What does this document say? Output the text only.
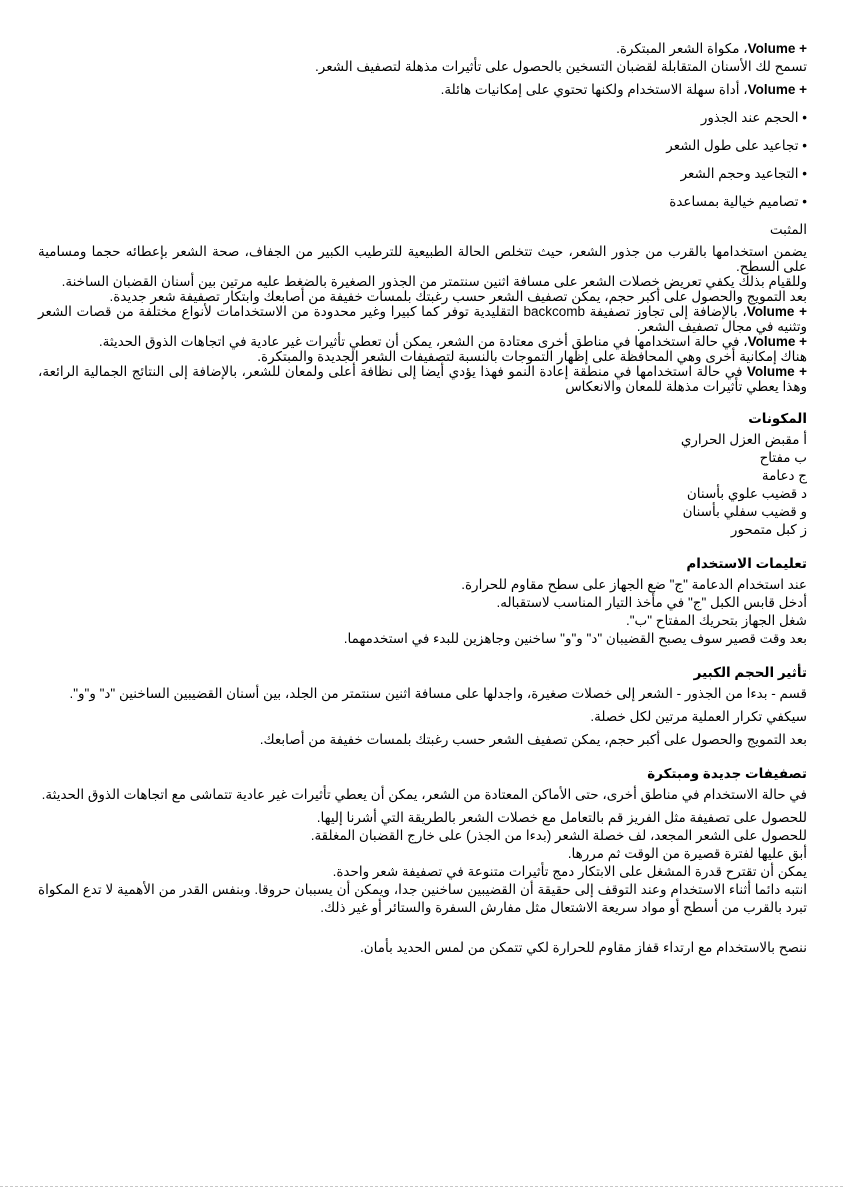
Volume +، مكواة الشعر المبتكرة.
تسمح لك الأسنان المتقابلة لقضبان التسخين بالحصول على تأثيرات مذهلة لتصفيف الشعر.
Volume +، أداة سهلة الاستخدام ولكنها تحتوي على إمكانيات هائلة.
• الحجم عند الجذور
• تجاعيد على طول الشعر
• التجاعيد وحجم الشعر
• تصاميم خيالية بمساعدة
المثبت
يضمن استخدامها بالقرب من جذور الشعر، حيث تتخلص الحالة الطبيعية للترطيب الكبير من الجفاف، صحة الشعر بإعطائه حجما ومسامية على السطح.
وللقيام بذلك يكفي تعريض خصلات الشعر على مسافة اثنين سنتمتر من الجذور الصغيرة بالضغط عليه مرتين بين أسنان القضبان الساخنة.
بعد التمويج والحصول على أكبر حجم، يمكن تصفيف الشعر حسب رغبتك بلمسات خفيفة من أصابعك وابتكار تصفيفة شعر جديدة.
Volume +، بالإضافة إلى تجاوز تصفيفة backcomb التقليدية توفر كما كبيرا وغير محدودة من الاستخدامات لأنواع مختلفة من قصات الشعر وتثنيه في مجال تصفيف الشعر.
Volume +، في حالة استخدامها في مناطق أخرى معتادة من الشعر، يمكن أن تعطي تأثيرات غير عادية في اتجاهات الذوق الحديثة.
هناك إمكانية أخرى وهي المحافظة على إظهار التموجات بالنسبة لتصفيفات الشعر الجديدة والمبتكرة.
Volume + في حالة استخدامها في منطقة إعادة النمو فهذا يؤدي أيضا إلى نظافة أعلى ولمعان للشعر، بالإضافة إلى النتائج الجمالية الرائعة، وهذا يعطي تأثيرات مذهلة للمعان والانعكاس
المكونات
أ مقبض العزل الحراري
ب مفتاح
ج دعامة
د قضيب علوي بأسنان
و قضيب سفلي بأسنان
ز كبل متمحور
تعليمات الاستخدام
عند استخدام الدعامة "ج" ضع الجهاز على سطح مقاوم للحرارة.
أدخل قابس الكبل "ج" في مأخذ التيار المناسب لاستقباله.
شغل الجهاز بتحريك المفتاح "ب".
بعد وقت قصير سوف يصبح القضيبان "د" و"و" ساخنين وجاهزين للبدء في استخدمهما.
تأثير الحجم الكبير
قسم - بدءا من الجذور - الشعر إلى خصلات صغيرة، واجدلها على مسافة اثنين سنتمتر من الجلد، بين أسنان القضيبين الساخنين "د" و"و".
سيكفي تكرار العملية مرتين لكل خصلة.
بعد التمويج والحصول على أكبر حجم، يمكن تصفيف الشعر حسب رغبتك بلمسات خفيفة من أصابعك.
تصفيفات جديدة ومبتكرة
في حالة الاستخدام في مناطق أخرى، حتى الأماكن المعتادة من الشعر، يمكن أن يعطي تأثيرات غير عادية تتماشى مع اتجاهات الذوق الحديثة.
للحصول على تصفيفة مثل الفريز قم بالتعامل مع خصلات الشعر بالطريقة التي أشرنا إليها.
للحصول على الشعر المجعد، لف خصلة الشعر (بدءا من الجذر) على خارج القضبان المغلقة.
أبق عليها لفترة قصيرة من الوقت ثم مررها.
يمكن أن تقترح قدرة المشغل على الابتكار دمج تأثيرات متنوعة في تصفيفة شعر واحدة.
انتبه دائما أثناء الاستخدام وعند التوقف إلى حقيقة أن القضيبين ساخنين جدا، ويمكن أن يسببان حروقا. وبنفس القدر من الأهمية لا تدع المكواة تبرد بالقرب من أسطح أو مواد سريعة الاشتعال مثل مفارش السفرة والستائر أو غير ذلك.
ننصح بالاستخدام مع ارتداء قفاز مقاوم للحرارة لكي تتمكن من لمس الحديد بأمان.
